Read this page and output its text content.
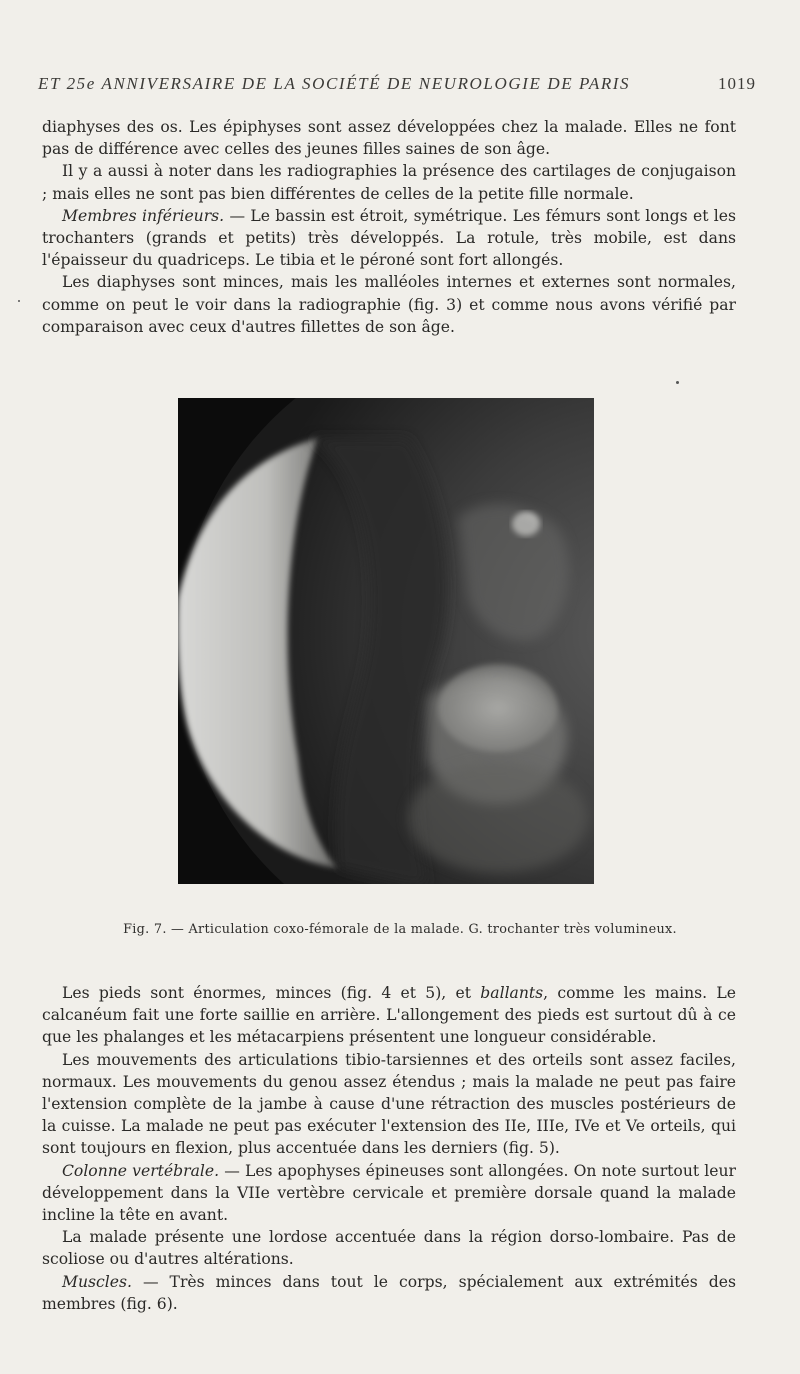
ET 25e ANNIVERSAIRE DE LA SOCIÉTÉ DE NEUROLOGIE DE PARIS	1019

diaphyses des os. Les épiphyses sont assez développées chez la malade. Elles ne font pas de différence avec celles des jeunes filles saines de son âge.

Il y a aussi à noter dans les radiographies la présence des cartilages de conjugaison ; mais elles ne sont pas bien différentes de celles de la petite fille normale.

Membres inférieurs. — Le bassin est étroit, symétrique. Les fémurs sont longs et les trochanters (grands et petits) très développés. La rotule, très mobile, est dans l'épaisseur du quadriceps. Le tibia et le péroné sont fort allongés.

Les diaphyses sont minces, mais les malléoles internes et externes sont normales, comme on peut le voir dans la radiographie (fig. 3) et comme nous avons vérifié par comparaison avec ceux d'autres fillettes de son âge.

Fig. 7. — Articulation coxo-fémorale de la malade. G. trochanter très volumineux.

Les pieds sont énormes, minces (fig. 4 et 5), et ballants, comme les mains. Le calcanéum fait une forte saillie en arrière. L'allongement des pieds est surtout dû à ce que les phalanges et les métacarpiens présentent une longueur considérable.

Les mouvements des articulations tibio-tarsiennes et des orteils sont assez faciles, normaux. Les mouvements du genou assez étendus ; mais la malade ne peut pas faire l'extension complète de la jambe à cause d'une rétraction des muscles postérieurs de la cuisse. La malade ne peut pas exécuter l'extension des IIe, IIIe, IVe et Ve orteils, qui sont toujours en flexion, plus accentuée dans les derniers (fig. 5).

Colonne vertébrale. — Les apophyses épineuses sont allongées. On note surtout leur développement dans la VIIe vertèbre cervicale et première dorsale quand la malade incline la tête en avant.

La malade présente une lordose accentuée dans la région dorso-lombaire. Pas de scoliose ou d'autres altérations.

Muscles. — Très minces dans tout le corps, spécialement aux extrémités des membres (fig. 6).
